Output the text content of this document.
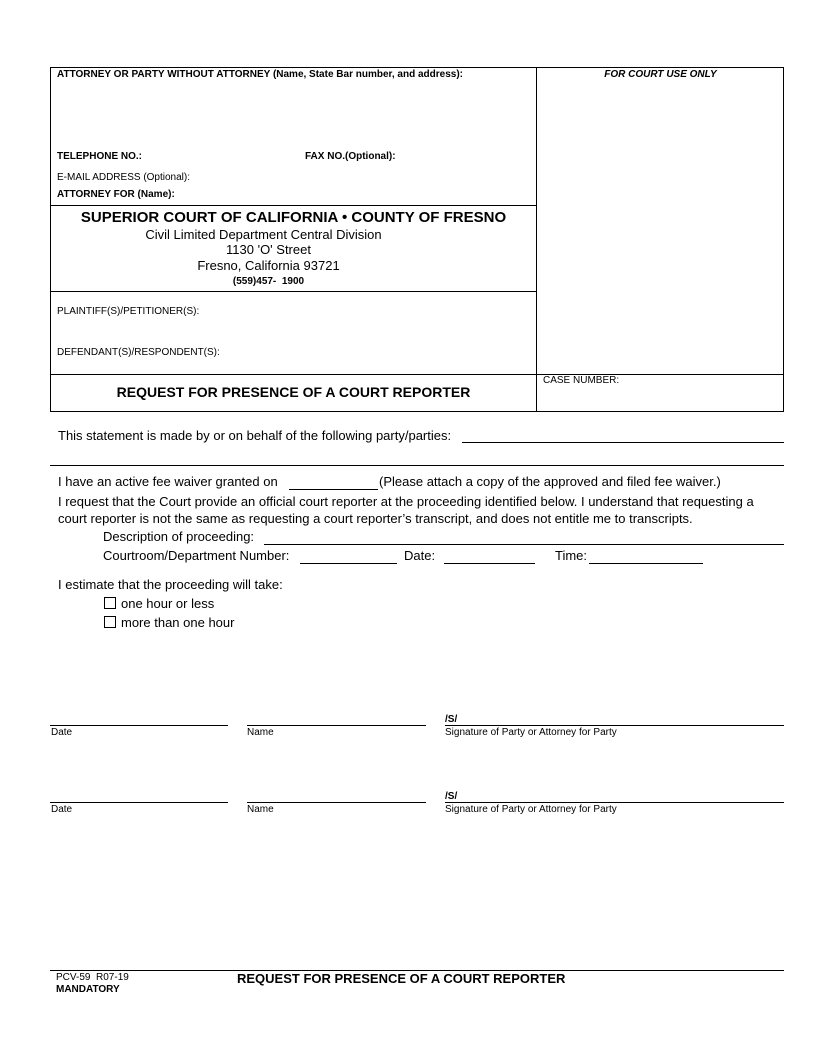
ATTORNEY OR PARTY WITHOUT ATTORNEY (Name, State Bar number, and address):	FOR COURT USE ONLY
TELEPHONE NO.:	FAX NO.(Optional):
E-MAIL ADDRESS (Optional):
ATTORNEY FOR (Name):
SUPERIOR COURT OF CALIFORNIA • COUNTY OF FRESNO
Civil Limited Department Central Division
1130 'O' Street
Fresno, California 93721
(559)457-  1900
PLAINTIFF(S)/PETITIONER(S):
DEFENDANT(S)/RESPONDENT(S):
REQUEST FOR PRESENCE OF A COURT REPORTER
CASE NUMBER:
This statement is made by or on behalf of the following party/parties:
I have an active fee waiver granted on	(Please attach a copy of the approved and filed fee waiver.)
I request that the Court provide an official court reporter at the proceeding identified below. I understand that requesting a
court reporter is not the same as requesting a court reporter’s transcript, and does not entitle me to transcripts.
Description of proceeding:
Courtroom/Department Number:	Date:	Time:
I estimate that the proceeding will take:
one hour or less
more than one hour
/S/
Date	Name	Signature of Party or Attorney for Party
/S/
Date	Name	Signature of Party or Attorney for Party
PCV-59  R07-19
MANDATORY
REQUEST FOR PRESENCE OF A COURT REPORTER
